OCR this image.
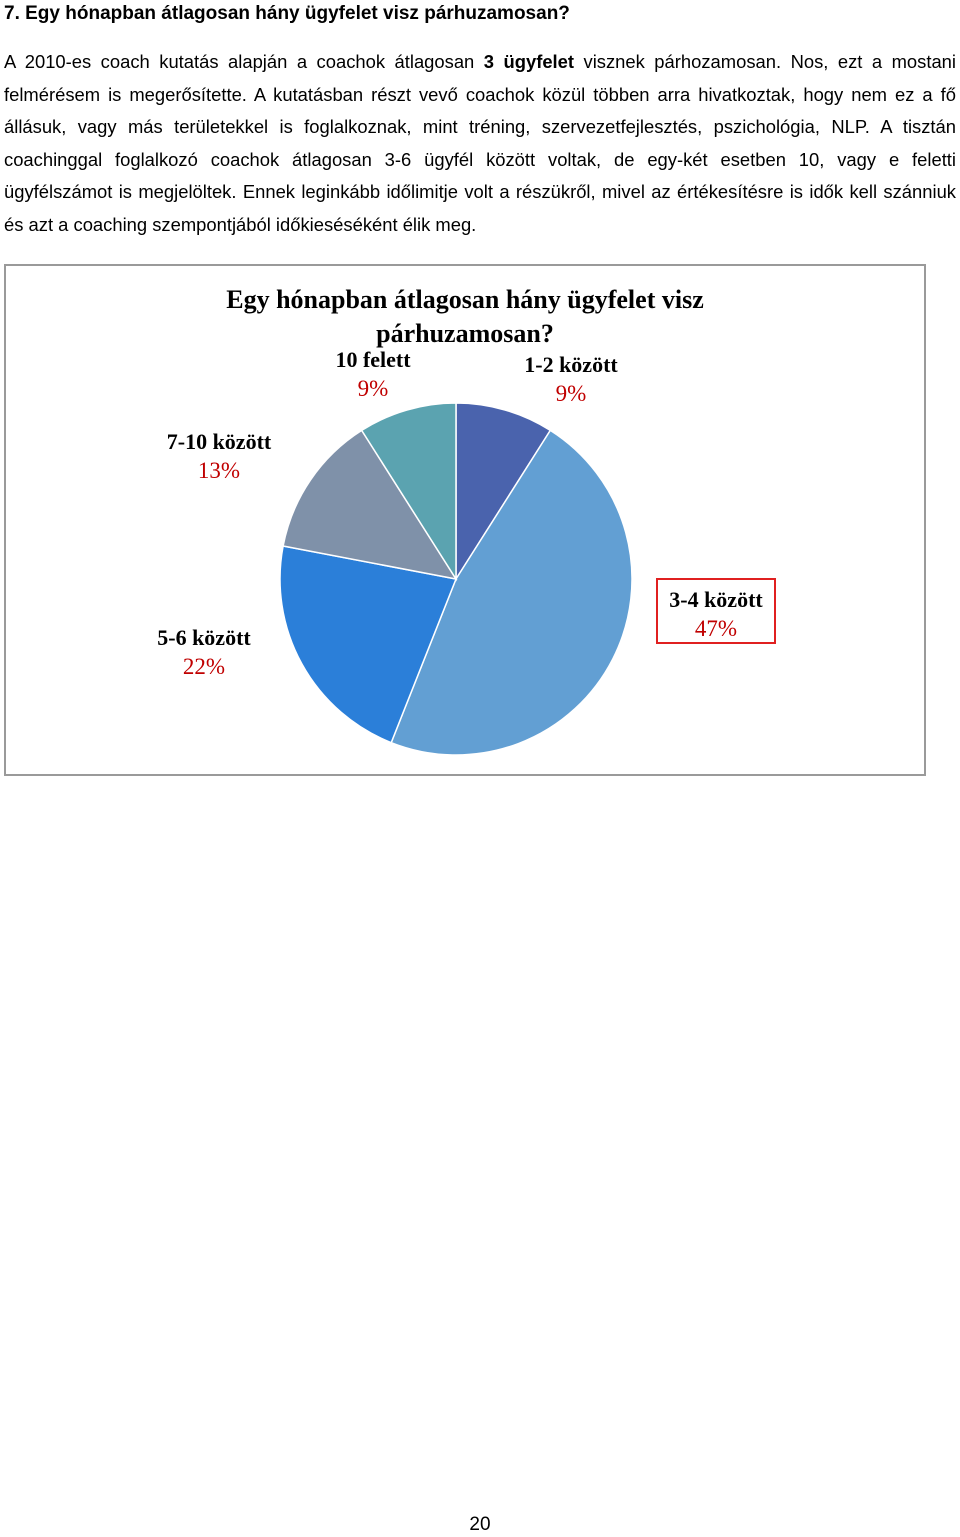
7. Egy hónapban átlagosan hány ügyfelet visz párhuzamosan?

A 2010-es coach kutatás alapján a coachok átlagosan 3 ügyfelet visznek párhozamosan. Nos, ezt a mostani felmérésem is megerősítette. A kutatásban részt vevő coachok közül többen arra hivatkoztak, hogy nem ez a fő állásuk, vagy más területekkel is foglalkoznak, mint tréning, szervezetfejlesztés, pszichológia, NLP. A tisztán coachinggal foglalkozó coachok átlagosan 3-6 ügyfél között voltak, de egy-két esetben 10, vagy e feletti ügyfélszámot is megjelöltek. Ennek leginkább időlimitje volt a részükről, mivel az értékesítésre is idők kell szánniuk és azt a coaching szempontjából időkieséséként élik meg.

Egy hónapban átlagosan hány ügyfelet visz
párhuzamosan?
1-2 között
9%
3-4 között
47%
5-6 között
22%
7-10 között
13%
10 felett
9%
20
